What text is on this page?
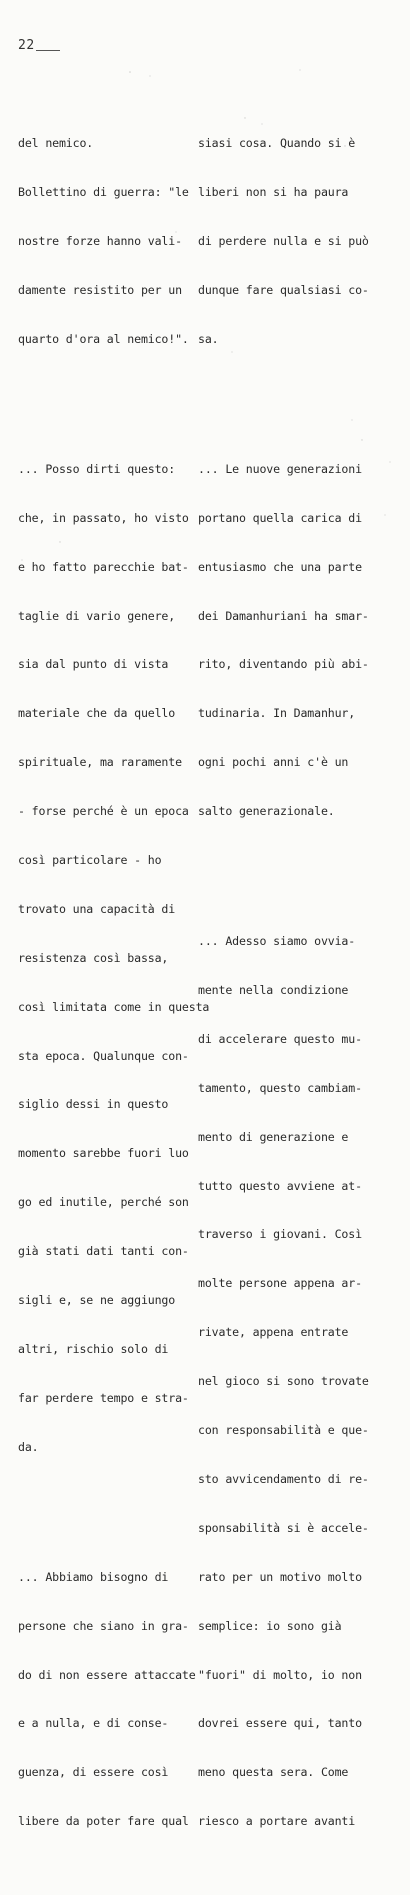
22

del nemico.

Bollettino di guerra: "le

nostre forze hanno vali-

damente resistito per un

quarto d'ora al nemico!".

... Posso dirti questo:

che, in passato, ho visto

e ho fatto parecchie bat-

taglie di vario genere,

sia dal punto di vista

materiale che da quello

spirituale, ma raramente

- forse perché è un epoca

così particolare - ho

trovato una capacità di

resistenza così bassa,

così limitata come in questa

sta epoca. Qualunque con-

siglio dessi in questo

momento sarebbe fuori luo

go ed inutile, perché son

già stati dati tanti con-

sigli e, se ne aggiungo

altri, rischio solo di

far perdere tempo e stra-

da.

... Abbiamo bisogno di

persone che siano in gra-

do di non essere attaccate

e a nulla, e di conse-

guenza, di essere così

libere da poter fare qual

siasi cosa. Quando si è

liberi non si ha paura

di perdere nulla e si può

dunque fare qualsiasi co-

sa.

... Le nuove generazioni

portano quella carica di

entusiasmo che una parte

dei Damanhuriani ha smar-

rito, diventando più abi-

tudinaria. In Damanhur,

ogni pochi anni c'è un

salto generazionale.

... Adesso siamo ovvia-

mente nella condizione

di accelerare questo mu-

tamento, questo cambiam-

mento di generazione e

tutto questo avviene at-

traverso i giovani. Così

molte persone appena ar-

rivate, appena entrate

nel gioco si sono trovate

con responsabilità e que-

sto avvicendamento di re-

sponsabilità si è accele-

rato per un motivo molto

semplice: io sono già

"fuori" di molto, io non

dovrei essere qui, tanto

meno questa sera. Come

riesco a portare avanti
